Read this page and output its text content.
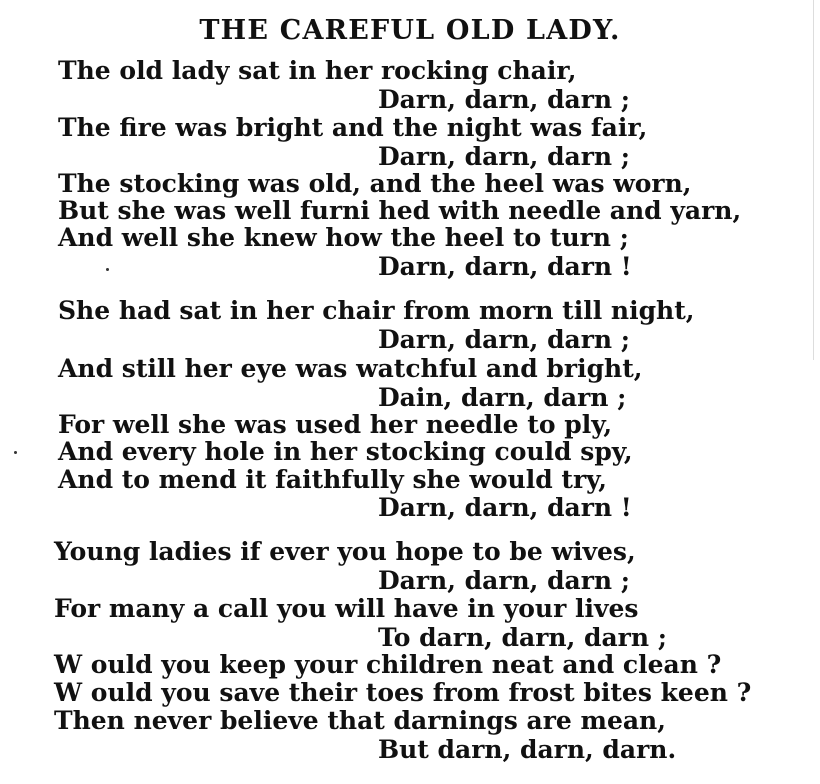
THE CAREFUL OLD LADY.
The old lady sat in her rocking chair,
Darn, darn, darn ;
The fire was bright and the night was fair,
Darn, darn, darn ;
The stocking was old, and the heel was worn,
But she was well furni hed with needle and yarn,
And well she knew how the heel to turn ;
Darn, darn, darn !
She had sat in her chair from morn till night,
Darn, darn, darn ;
And still her eye was watchful and bright,
Dain, darn, darn ;
For well she was used her needle to ply,
And every hole in her stocking could spy,
And to mend it faithfully she would try,
Darn, darn, darn !
Young ladies if ever you hope to be wives,
Darn, darn, darn ;
For many a call you will have in your lives
To darn, darn, darn ;
W ould you keep your children neat and clean ?
W ould you save their toes from frost bites keen ?
Then never believe that darnings are mean,
But darn, darn, darn.
